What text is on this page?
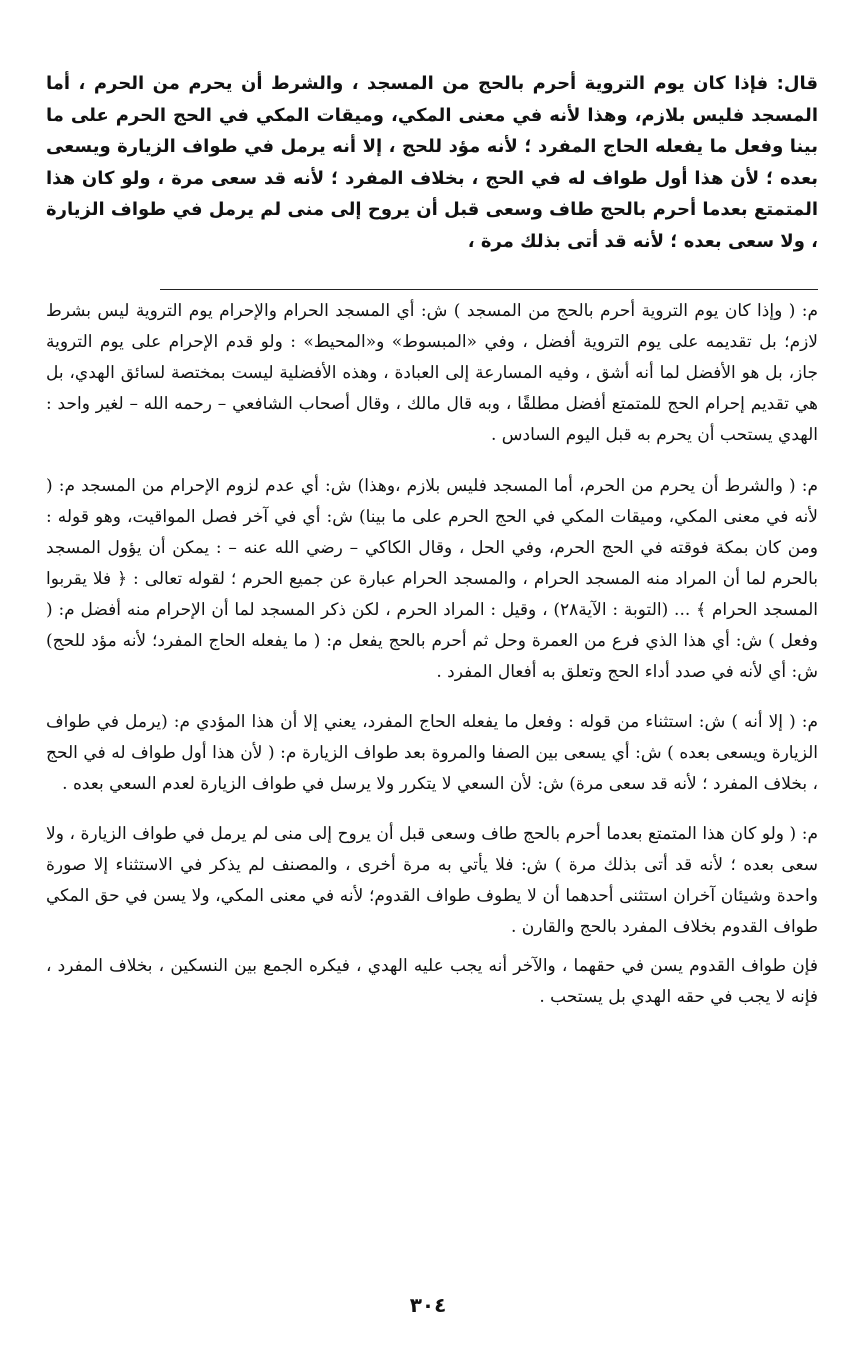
قال: فإذا كان يوم التروية أحرم بالحج من المسجد ، والشرط أن يحرم من الحرم ، أما المسجد فليس بلازم، وهذا لأنه في معنى المكي، وميقات المكي في الحج الحرم على ما بينا وفعل ما يفعله الحاج المفرد ؛ لأنه مؤد للحج ، إلا أنه يرمل في طواف الزيارة ويسعى بعده ؛ لأن هذا أول طواف له في الحج ، بخلاف المفرد ؛ لأنه قد سعى مرة ، ولو كان هذا المتمتع بعدما أحرم بالحج طاف وسعى قبل أن يروح إلى منى لم يرمل في طواف الزيارة ، ولا سعى بعده ؛ لأنه قد أتى بذلك مرة ،

م: ( وإذا كان يوم التروية أحرم بالحج من المسجد ) ش: أي المسجد الحرام والإحرام يوم التروية ليس بشرط لازم؛ بل تقديمه على يوم التروية أفضل ، وفي «المبسوط» و«المحيط» : ولو قدم الإحرام على يوم التروية جاز، بل هو الأفضل لما أنه أشق ، وفيه المسارعة إلى العبادة ، وهذه الأفضلية ليست بمختصة لسائق الهدي، بل هي تقديم إحرام الحج للمتمتع أفضل مطلقًا ، وبه قال مالك ، وقال أصحاب الشافعي – رحمه الله – لغير واحد : الهدي يستحب أن يحرم به قبل اليوم السادس .

م: ( والشرط أن يحرم من الحرم، أما المسجد فليس بلازم ،وهذا) ش: أي عدم لزوم الإحرام من المسجد م: ( لأنه في معنى المكي، وميقات المكي في الحج الحرم على ما بينا) ش: أي في آخر فصل المواقيت، وهو قوله : ومن كان بمكة فوقته في الحج الحرم، وفي الحل ، وقال الكاكي – رضي الله عنه – : يمكن أن يؤول المسجد بالحرم لما أن المراد منه المسجد الحرام ، والمسجد الحرام عبارة عن جميع الحرم ؛ لقوله تعالى : ﴿ فلا يقربوا المسجد الحرام ﴾ ... (التوبة : الآية٢٨) ، وقيل : المراد الحرم ، لكن ذكر المسجد لما أن الإحرام منه أفضل م: ( وفعل ) ش: أي هذا الذي فرع من العمرة وحل ثم أحرم بالحج يفعل م: ( ما يفعله الحاج المفرد؛ لأنه مؤد للحج) ش: أي لأنه في صدد أداء الحج وتعلق به أفعال المفرد .

م: ( إلا أنه ) ش: استثناء من قوله : وفعل ما يفعله الحاج المفرد، يعني إلا أن هذا المؤدي م: (يرمل في طواف الزيارة ويسعى بعده ) ش: أي يسعى بين الصفا والمروة بعد طواف الزيارة م: ( لأن هذا أول طواف له في الحج ، بخلاف المفرد ؛ لأنه قد سعى مرة) ش: لأن السعي لا يتكرر ولا يرسل في طواف الزيارة لعدم السعي بعده .

م: ( ولو كان هذا المتمتع بعدما أحرم بالحج طاف وسعى قبل أن يروح إلى منى لم يرمل في طواف الزيارة ، ولا سعى بعده ؛ لأنه قد أتى بذلك مرة ) ش: فلا يأتي به مرة أخرى ، والمصنف لم يذكر في الاستثناء إلا صورة واحدة وشيئان آخران استثنى أحدهما أن لا يطوف طواف القدوم؛ لأنه في معنى المكي، ولا يسن في حق المكي طواف القدوم بخلاف المفرد بالحج والقارن .

فإن طواف القدوم يسن في حقهما ، والآخر أنه يجب عليه الهدي ، فيكره الجمع بين النسكين ، بخلاف المفرد ، فإنه لا يجب في حقه الهدي بل يستحب .

٣٠٤
